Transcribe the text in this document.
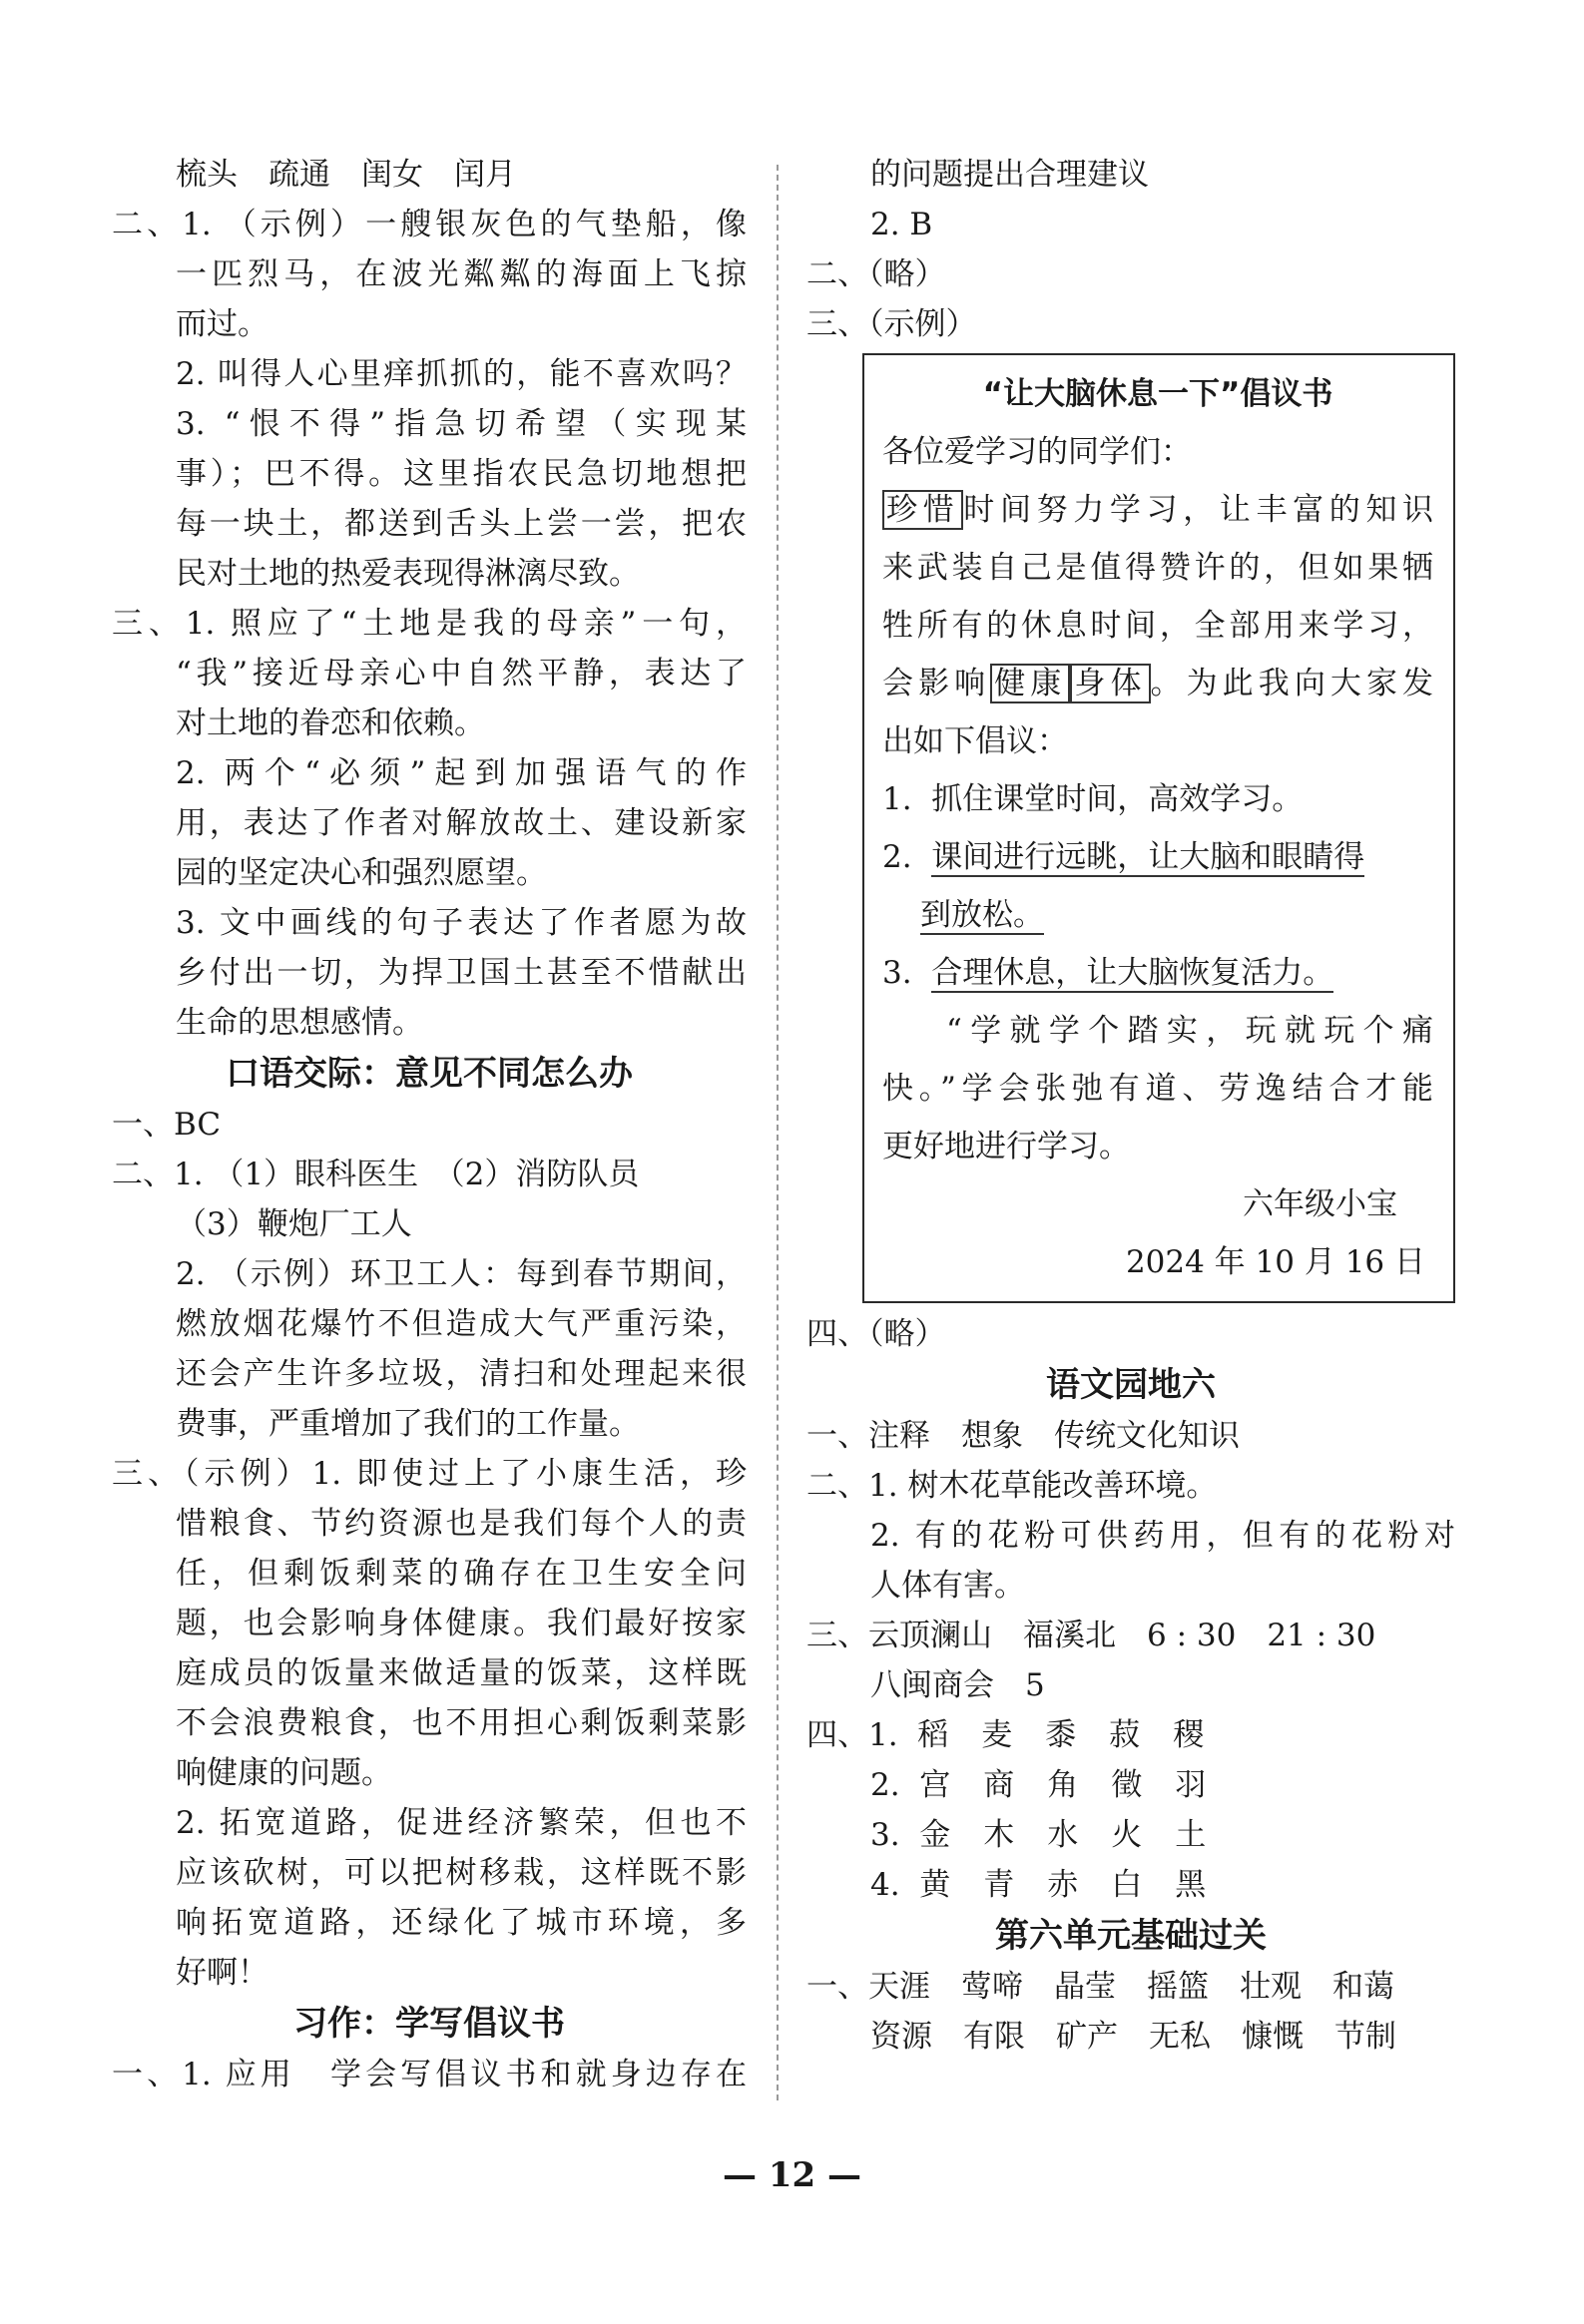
梳头　疏通　闺女　闰月
二、1. （示例）一艘银灰色的气垫船，像
一匹烈马，在波光粼粼的海面上飞掠
而过。
2. 叫得人心里痒抓抓的，能不喜欢吗？
3. “恨不得”指急切希望（实现某
事）；巴不得。这里指农民急切地想把
每一块土，都送到舌头上尝一尝，把农
民对土地的热爱表现得淋漓尽致。
三、1. 照应了“土地是我的母亲”一句，
“我”接近母亲心中自然平静，表达了
对土地的眷恋和依赖。
2. 两个“必须”起到加强语气的作
用，表达了作者对解放故土、建设新家
园的坚定决心和强烈愿望。
3. 文中画线的句子表达了作者愿为故
乡付出一切，为捍卫国土甚至不惜献出
生命的思想感情。
口语交际：意见不同怎么办
一、BC
二、1. （1）眼科医生　（2）消防队员
（3）鞭炮厂工人
2. （示例）环卫工人：每到春节期间，
燃放烟花爆竹不但造成大气严重污染，
还会产生许多垃圾，清扫和处理起来很
费事，严重增加了我们的工作量。
三、（示例）1. 即使过上了小康生活，珍
惜粮食、节约资源也是我们每个人的责
任，但剩饭剩菜的确存在卫生安全问
题，也会影响身体健康。我们最好按家
庭成员的饭量来做适量的饭菜，这样既
不会浪费粮食，也不用担心剩饭剩菜影
响健康的问题。
2. 拓宽道路，促进经济繁荣，但也不
应该砍树，可以把树移栽，这样既不影
响拓宽道路，还绿化了城市环境，多
好啊！
习作：学写倡议书
一、1. 应用　学会写倡议书和就身边存在
的问题提出合理建议
2. B
二、（略）
三、（示例）
“让大脑休息一下”倡议书
各位爱学习的同学们：
珍惜 时间努力学习，让丰富的知识
来武装自己是值得赞许的，但如果牺
牲所有的休息时间，全部用来学习，
会影响 健康 身体 。为此我向大家发
出如下倡议：
1. 抓住课堂时间，高效学习。
2. 课间进行远眺，让大脑和眼睛得
到放松。
3. 合理休息，让大脑恢复活力。
“学就学个踏实，玩就玩个痛
快。”学会张弛有道、劳逸结合才能
更好地进行学习。
六年级小宝
2024 年 10 月 16 日
四、（略）
语文园地六
一、注释　想象　传统文化知识
二、1. 树木花草能改善环境。
2. 有的花粉可供药用，但有的花粉对
人体有害。
三、云顶澜山　福溪北　6 : 30　21 : 30
八闽商会　5
四、1. 稻 麦 黍 菽 稷
2. 宫 商 角 徵 羽
3. 金 木 水 火 土
4. 黄 青 赤 白 黑
第六单元基础过关
一、天涯　莺啼　晶莹　摇篮　壮观　和蔼
资源　有限　矿产　无私　慷慨　节制
— 12 —
